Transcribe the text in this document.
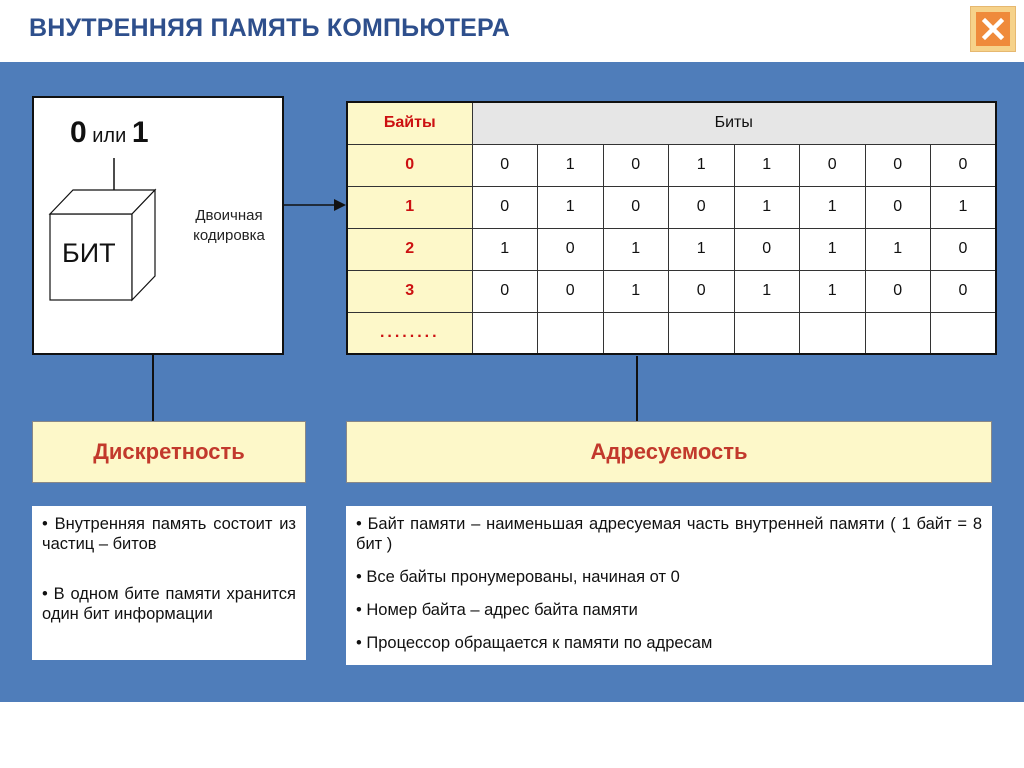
ВНУТРЕННЯЯ ПАМЯТЬ КОМПЬЮТЕРА
0 или 1
БИТ
Двоичная кодировка
Байты	Биты							
0	0	1	0	1	1	0	0	0
1	0	1	0	0	1	1	0	1
2	1	0	1	1	0	1	1	0
3	0	0	1	0	1	1	0	0
........								
Дискретность	Адресуемость

• Внутренняя память состоит из частиц – битов

• В одном бите памяти хранится один бит информации

• Байт памяти – наименьшая адресуемая часть внутренней памяти ( 1 байт = 8 бит )

• Все байты пронумерованы, начиная от 0

• Номер байта – адрес байта памяти

• Процессор обращается к памяти по адресам
